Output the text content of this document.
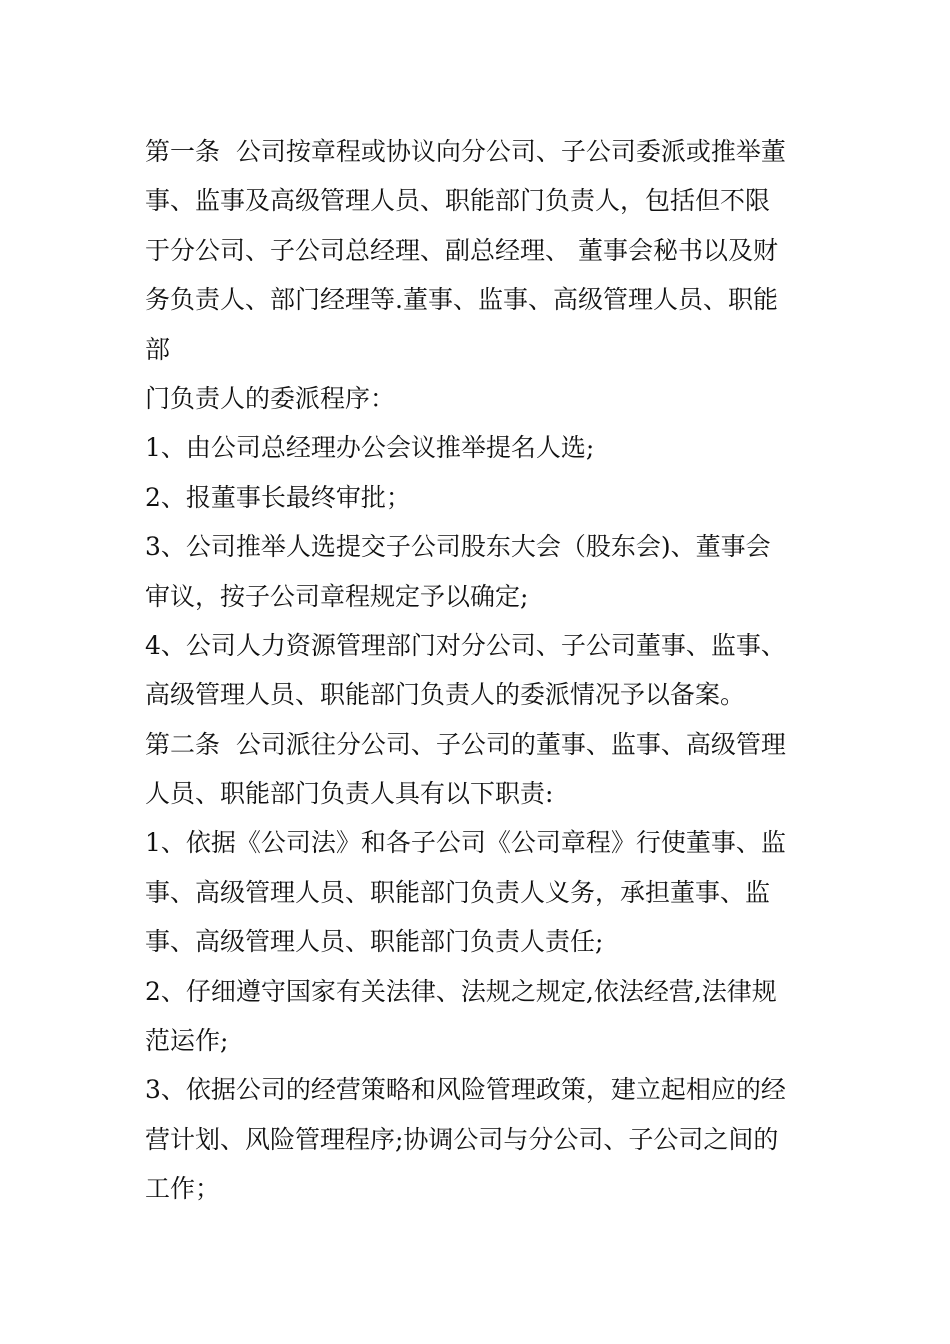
第一条  公司按章程或协议向分公司、子公司委派或推举董
事、监事及高级管理人员、职能部门负责人，包括但不限
于分公司、子公司总经理、副总经理、 董事会秘书以及财
务负责人、部门经理等.董事、监事、高级管理人员、职能
部
门负责人的委派程序：
1、由公司总经理办公会议推举提名人选;
2、报董事长最终审批；
3、公司推举人选提交子公司股东大会（股东会)、董事会
审议，按子公司章程规定予以确定;
4、公司人力资源管理部门对分公司、子公司董事、监事、
高级管理人员、职能部门负责人的委派情况予以备案。
第二条  公司派往分公司、子公司的董事、监事、高级管理
人员、职能部门负责人具有以下职责:
1、依据《公司法》和各子公司《公司章程》行使董事、监
事、高级管理人员、职能部门负责人义务，承担董事、监
事、高级管理人员、职能部门负责人责任;
2、仔细遵守国家有关法律、法规之规定,依法经营,法律规
范运作;
3、依据公司的经营策略和风险管理政策，建立起相应的经
营计划、风险管理程序;协调公司与分公司、子公司之间的
工作；
